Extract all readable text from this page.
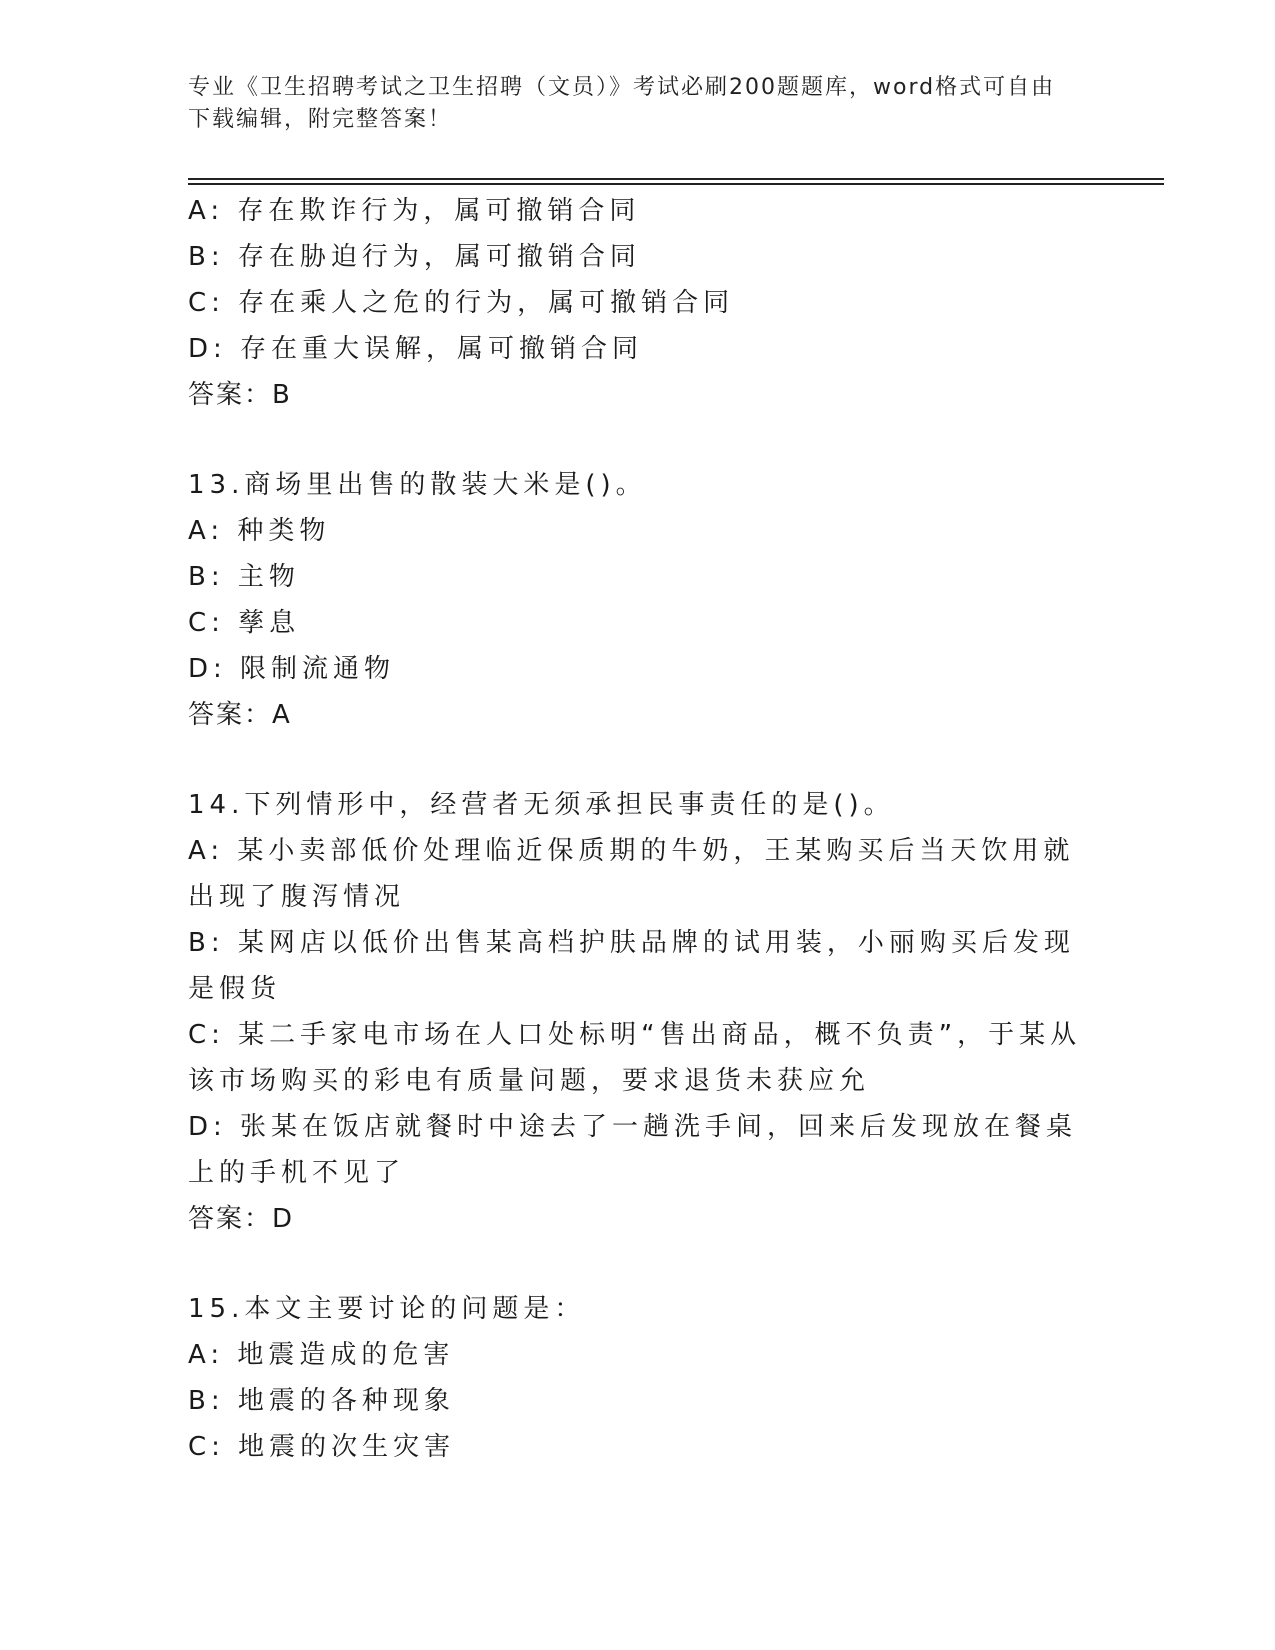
专业《卫生招聘考试之卫生招聘（文员）》考试必刷200题题库，word格式可自由下载编辑，附完整答案！
A: 存在欺诈行为，属可撤销合同
B: 存在胁迫行为，属可撤销合同
C: 存在乘人之危的行为，属可撤销合同
D: 存在重大误解，属可撤销合同
答案：B
13.商场里出售的散装大米是()。
A: 种类物
B: 主物
C: 孳息
D: 限制流通物
答案：A
14.下列情形中，经营者无须承担民事责任的是()。
A: 某小卖部低价处理临近保质期的牛奶，王某购买后当天饮用就出现了腹泻情况
B: 某网店以低价出售某高档护肤品牌的试用装，小丽购买后发现是假货
C: 某二手家电市场在人口处标明“售出商品，概不负责”，于某从该市场购买的彩电有质量问题，要求退货未获应允
D: 张某在饭店就餐时中途去了一趟洗手间，回来后发现放在餐桌上的手机不见了
答案：D
15.本文主要讨论的问题是：
A: 地震造成的危害
B: 地震的各种现象
C: 地震的次生灾害
